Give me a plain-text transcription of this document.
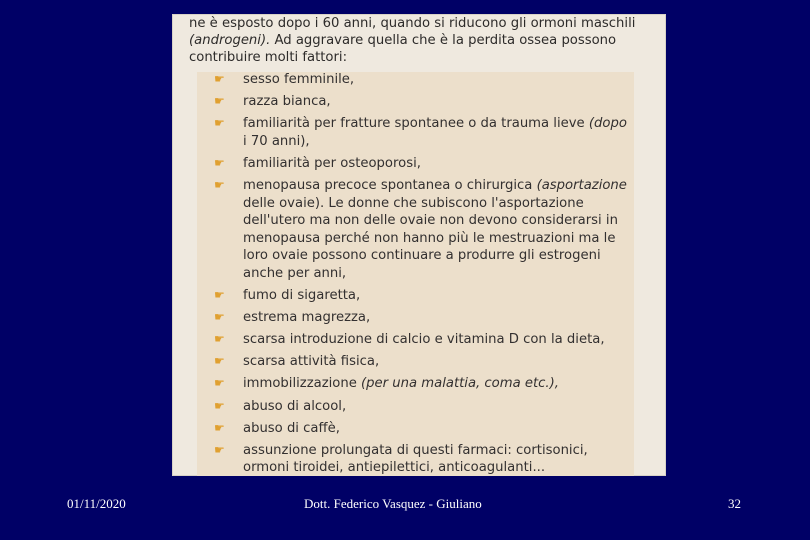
ne è esposto dopo i 60 anni, quando si riducono gli ormoni maschili
(androgeni). Ad aggravare quella che è la perdita ossea possono
contribuire molti fattori:
☛ sesso femminile,
☛ razza bianca,
☛ familiarità per fratture spontanee o da trauma lieve (dopo
i 70 anni),
☛ familiarità per osteoporosi,
☛ menopausa precoce spontanea o chirurgica (asportazione
delle ovaie). Le donne che subiscono l'asportazione
dell'utero ma non delle ovaie non devono considerarsi in
menopausa perché non hanno più le mestruazioni ma le
loro ovaie possono continuare a produrre gli estrogeni
anche per anni,
☛ fumo di sigaretta,
☛ estrema magrezza,
☛ scarsa introduzione di calcio e vitamina D con la dieta,
☛ scarsa attività fisica,
☛ immobilizzazione (per una malattia, coma etc.),
☛ abuso di alcool,
☛ abuso di caffè,
☛ assunzione prolungata di questi farmaci: cortisonici,
ormoni tiroidei, antiepilettici, anticoagulanti...
01/11/2020	Dott. Federico Vasquez - Giuliano	32
